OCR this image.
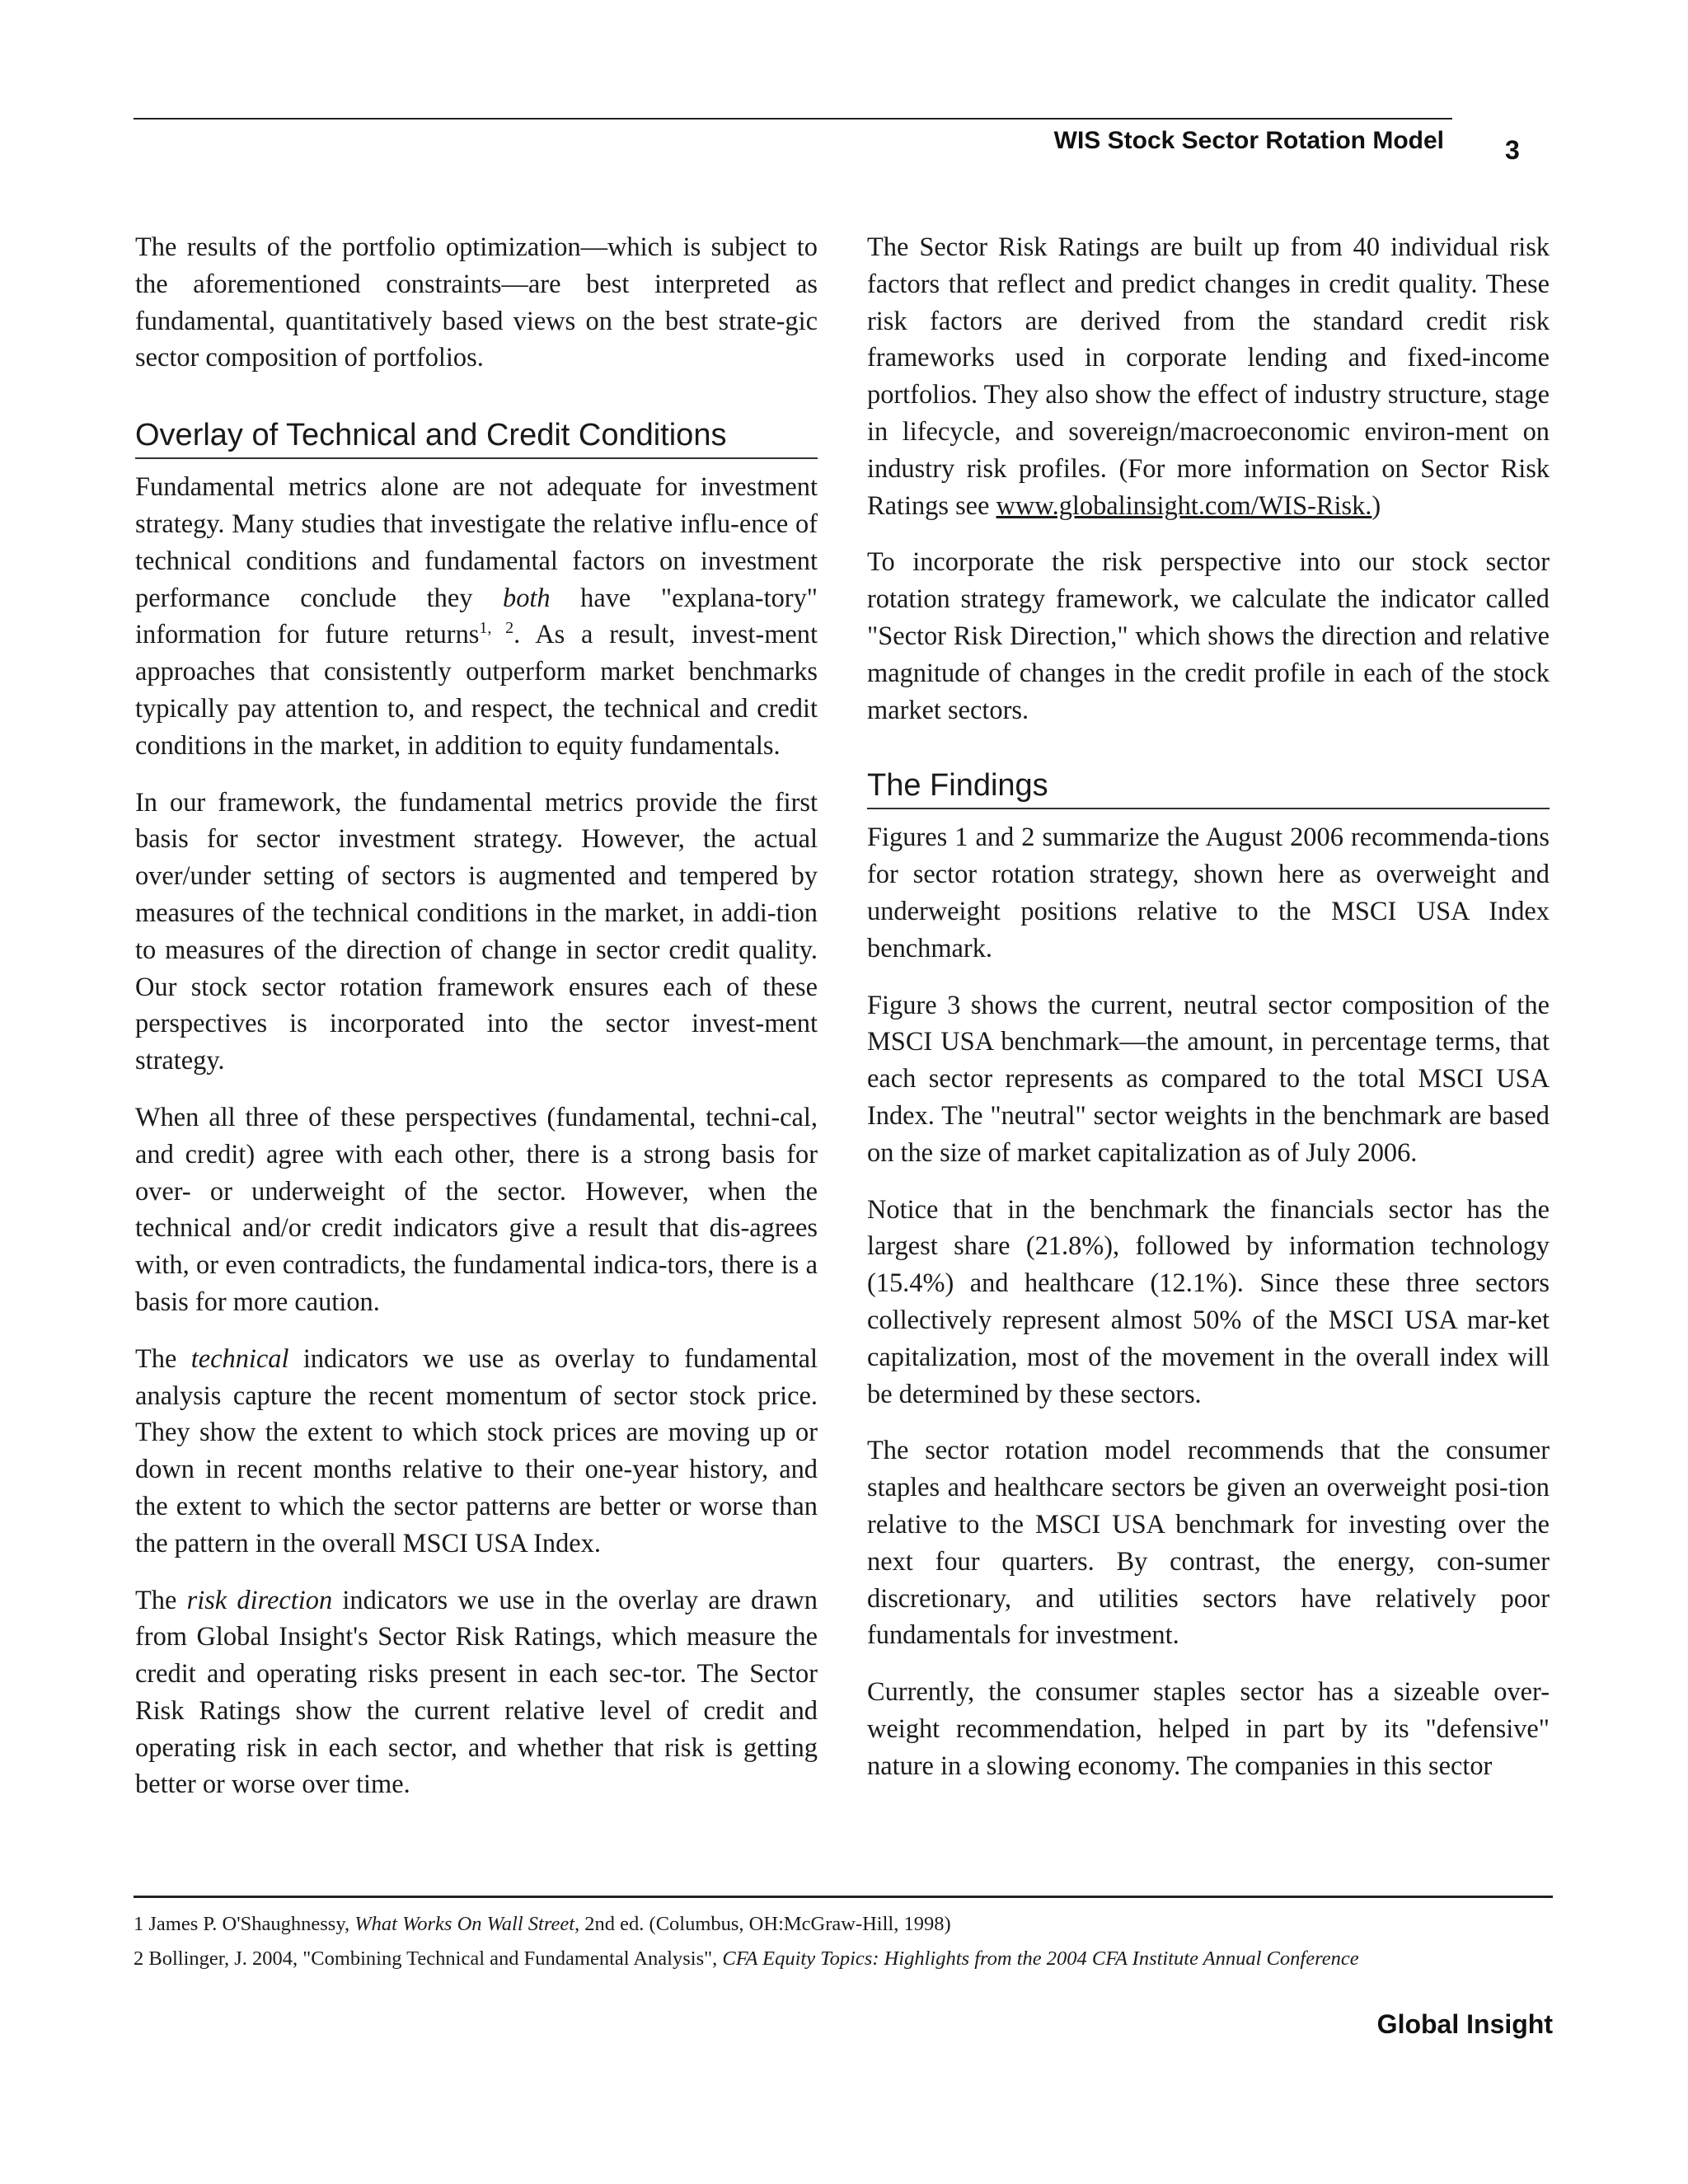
WIS Stock Sector Rotation Model 3

The results of the portfolio optimization—which is subject to the aforementioned constraints—are best interpreted as fundamental, quantitatively based views on the best strate-gic sector composition of portfolios.

Overlay of Technical and Credit Conditions

Fundamental metrics alone are not adequate for investment strategy. Many studies that investigate the relative influ-ence of technical conditions and fundamental factors on investment performance conclude they both have "explana-tory" information for future returns$^{1, 2}$. As a result, invest-ment approaches that consistently outperform market benchmarks typically pay attention to, and respect, the technical and credit conditions in the market, in addition to equity fundamentals.

In our framework, the fundamental metrics provide the first basis for sector investment strategy. However, the actual over/under setting of sectors is augmented and tempered by measures of the technical conditions in the market, in addi-tion to measures of the direction of change in sector credit quality. Our stock sector rotation framework ensures each of these perspectives is incorporated into the sector invest-ment strategy.

When all three of these perspectives (fundamental, techni-cal, and credit) agree with each other, there is a strong basis for over- or underweight of the sector. However, when the technical and/or credit indicators give a result that dis-agrees with, or even contradicts, the fundamental indica-tors, there is a basis for more caution.

The technical indicators we use as overlay to fundamental analysis capture the recent momentum of sector stock price. They show the extent to which stock prices are moving up or down in recent months relative to their one-year history, and the extent to which the sector patterns are better or worse than the pattern in the overall MSCI USA Index.

The risk direction indicators we use in the overlay are drawn from Global Insight's Sector Risk Ratings, which measure the credit and operating risks present in each sec-tor. The Sector Risk Ratings show the current relative level of credit and operating risk in each sector, and whether that risk is getting better or worse over time.

The Sector Risk Ratings are built up from 40 individual risk factors that reflect and predict changes in credit quality. These risk factors are derived from the standard credit risk frameworks used in corporate lending and fixed-income portfolios. They also show the effect of industry structure, stage in lifecycle, and sovereign/macroeconomic environ-ment on industry risk profiles. (For more information on Sector Risk Ratings see www.globalinsight.com/WIS-Risk.)

To incorporate the risk perspective into our stock sector rotation strategy framework, we calculate the indicator called "Sector Risk Direction," which shows the direction and relative magnitude of changes in the credit profile in each of the stock market sectors.

The Findings

Figures 1 and 2 summarize the August 2006 recommenda-tions for sector rotation strategy, shown here as overweight and underweight positions relative to the MSCI USA Index benchmark.

Figure 3 shows the current, neutral sector composition of the MSCI USA benchmark—the amount, in percentage terms, that each sector represents as compared to the total MSCI USA Index. The "neutral" sector weights in the benchmark are based on the size of market capitalization as of July 2006.

Notice that in the benchmark the financials sector has the largest share (21.8%), followed by information technology (15.4%) and healthcare (12.1%). Since these three sectors collectively represent almost 50% of the MSCI USA mar-ket capitalization, most of the movement in the overall index will be determined by these sectors.

The sector rotation model recommends that the consumer staples and healthcare sectors be given an overweight posi-tion relative to the MSCI USA benchmark for investing over the next four quarters. By contrast, the energy, con-sumer discretionary, and utilities sectors have relatively poor fundamentals for investment.

Currently, the consumer staples sector has a sizeable over-weight recommendation, helped in part by its "defensive" nature in a slowing economy. The companies in this sector

1 James P. O'Shaughnessy, What Works On Wall Street, 2nd ed. (Columbus, OH:McGraw-Hill, 1998)
2 Bollinger, J. 2004, "Combining Technical and Fundamental Analysis", CFA Equity Topics: Highlights from the 2004 CFA Institute Annual Conference
Global Insight
